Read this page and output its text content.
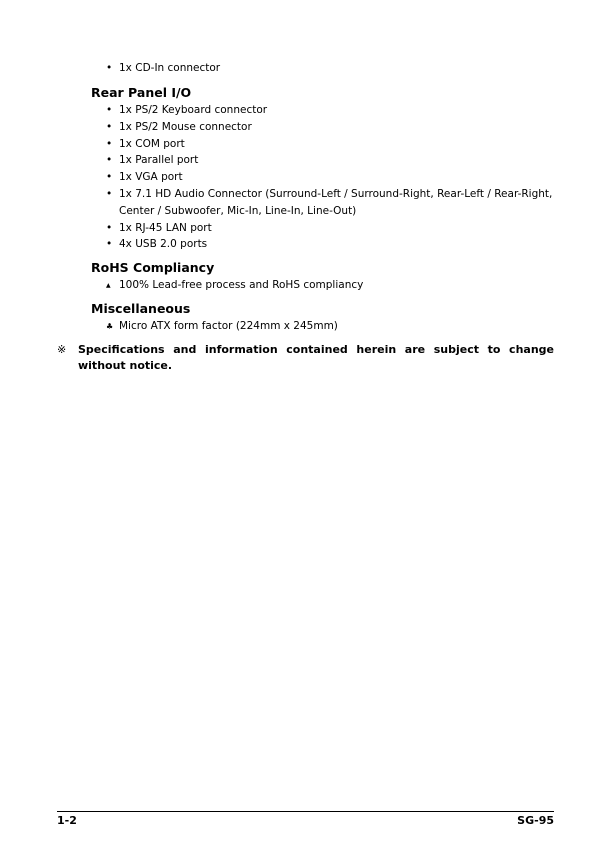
•
1x CD-In connector
Rear Panel I/O
•
1x PS/2 Keyboard connector
•
1x PS/2 Mouse connector
•
1x COM port
•
1x Parallel port
•
1x VGA port
•
1x 7.1 HD Audio Connector (Surround-Left / Surround-Right, Rear-Left / Rear-Right, Center / Subwoofer, Mic-In, Line-In, Line-Out)
•
1x RJ-45 LAN port
•
4x USB 2.0 ports
RoHS Compliancy
▲
100% Lead-free process and RoHS compliancy
Miscellaneous
♣
Micro ATX form factor (224mm x 245mm)
※ Specifications and information contained herein are subject to change without notice.
1-2	SG-95
